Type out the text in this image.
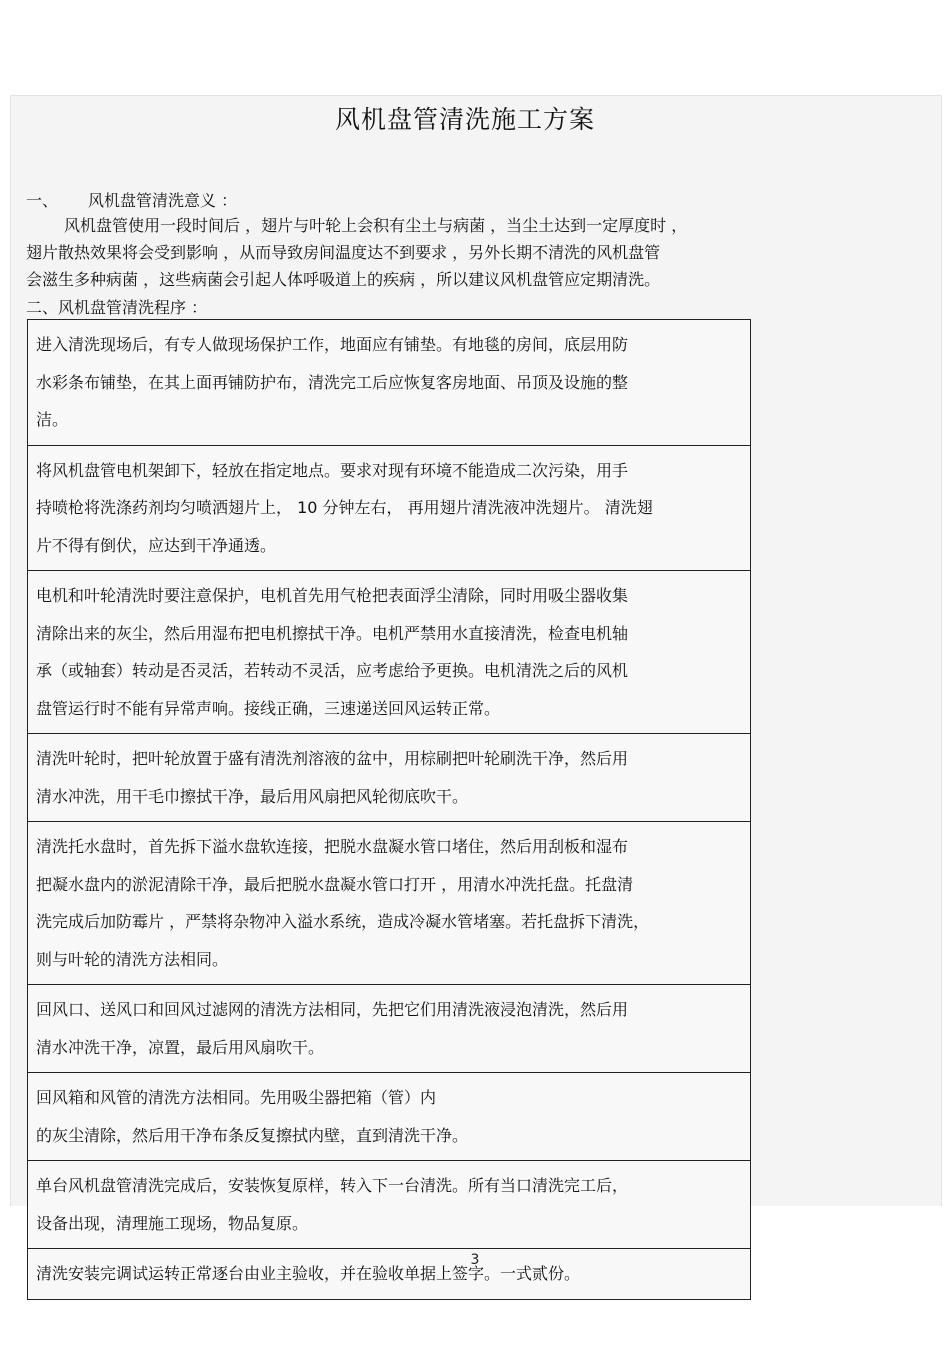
风机盘管清洗施工方案
一、 风机盘管清洗意义 ：
风机盘管使用一段时间后 ，翅片与叶轮上会积有尘土与病菌 ，当尘土达到一定厚度时 ，
翅片散热效果将会受到影响 ，从而导致房间温度达不到要求 ，另外长期不清洗的风机盘管
会滋生多种病菌 ，这些病菌会引起人体呼吸道上的疾病 ，所以建议风机盘管应定期清洗。
二、风机盘管清洗程序 ：
进入清洗现场后，有专人做现场保护工作，地面应有铺垫。有地毯的房间，底层用防
水彩条布铺垫，在其上面再铺防护布，清洗完工后应恢复客房地面、吊顶及设施的整
洁。
将风机盘管电机架卸下，轻放在指定地点。要求对现有环境不能造成二次污染，用手
持喷枪将洗涤药剂均匀喷洒翅片上， 10 分钟左右， 再用翅片清洗液冲洗翅片。 清洗翅
片不得有倒伏，应达到干净通透。
电机和叶轮清洗时要注意保护，电机首先用气枪把表面浮尘清除，同时用吸尘器收集
清除出来的灰尘，然后用湿布把电机擦拭干净。电机严禁用水直接清洗，检查电机轴
承（或轴套）转动是否灵活，若转动不灵活，应考虑给予更换。电机清洗之后的风机
盘管运行时不能有异常声响。接线正确，三速递送回风运转正常。
清洗叶轮时，把叶轮放置于盛有清洗剂溶液的盆中，用棕刷把叶轮刷洗干净，然后用
清水冲洗，用干毛巾擦拭干净，最后用风扇把风轮彻底吹干。
清洗托水盘时，首先拆下溢水盘软连接，把脱水盘凝水管口堵住，然后用刮板和湿布
把凝水盘内的淤泥清除干净，最后把脱水盘凝水管口打开 ，用清水冲洗托盘。托盘清
洗完成后加防霉片 ，严禁将杂物冲入溢水系统，造成冷凝水管堵塞。若托盘拆下清洗，
则与叶轮的清洗方法相同。
回风口、送风口和回风过滤网的清洗方法相同，先把它们用清洗液浸泡清洗，然后用
清水冲洗干净，凉置，最后用风扇吹干。
回风箱和风管的清洗方法相同。先用吸尘器把箱（管）内
的灰尘清除，然后用干净布条反复擦拭内壁，直到清洗干净。
单台风机盘管清洗完成后，安装恢复原样，转入下一台清洗。所有当口清洗完工后，
设备出现，清理施工现场，物品复原。
清洗安装完调试运转正常逐台由业主验收，并在验收单据上签字。一式贰份。
3
